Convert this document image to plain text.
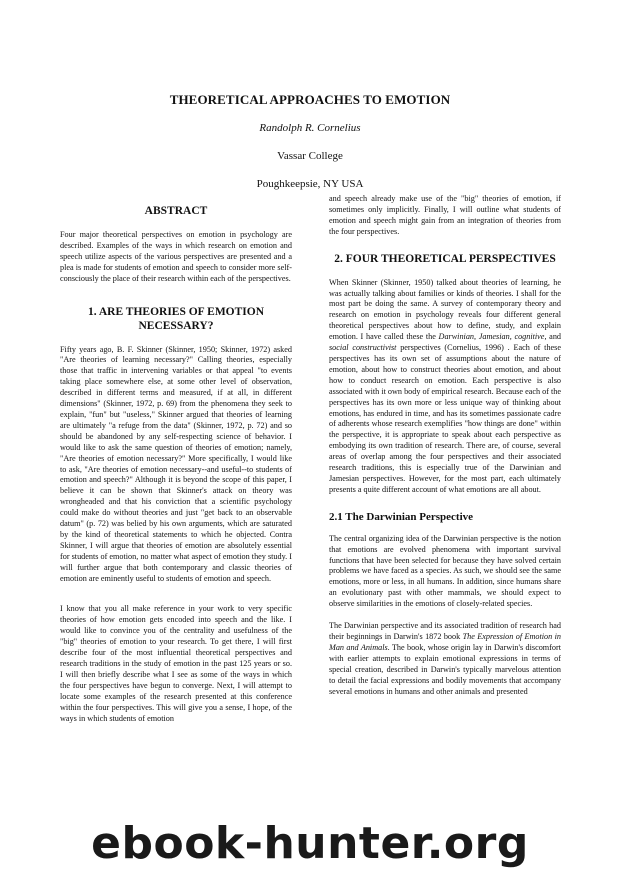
THEORETICAL APPROACHES TO EMOTION
Randolph R. Cornelius
Vassar College
Poughkeepsie, NY USA
ABSTRACT

Four major theoretical perspectives on emotion in psychology are described. Examples of the ways in which research on emotion and speech utilize aspects of the various perspectives are presented and a plea is made for students of emotion and speech to consider more self-consciously the place of their research within each of the perspectives.

1. ARE THEORIES OF EMOTION NECESSARY?

Fifty years ago, B. F. Skinner (Skinner, 1950; Skinner, 1972) asked "Are theories of learning necessary?" Calling theories, especially those that traffic in intervening variables or that appeal "to events taking place somewhere else, at some other level of observation, described in different terms and measured, if at all, in different dimensions" (Skinner, 1972, p. 69) from the phenomena they seek to explain, "fun" but "useless," Skinner argued that theories of learning are ultimately "a refuge from the data" (Skinner, 1972, p. 72) and so should be abandoned by any self-respecting science of behavior. I would like to ask the same question of theories of emotion; namely, "Are theories of emotion necessary?" More specifically, I would like to ask, "Are theories of emotion necessary--and useful--to students of emotion and speech?" Although it is beyond the scope of this paper, I believe it can be shown that Skinner's attack on theory was wrongheaded and that his conviction that a scientific psychology could make do without theories and just "get back to an observable datum" (p. 72) was belied by his own arguments, which are saturated by the kind of theoretical statements to which he objected. Contra Skinner, I will argue that theories of emotion are absolutely essential for students of emotion, no matter what aspect of emotion they study. I will further argue that both contemporary and classic theories of emotion are eminently useful to students of emotion and speech.

I know that you all make reference in your work to very specific theories of how emotion gets encoded into speech and the like. I would like to convince you of the centrality and usefulness of the "big" theories of emotion to your research. To get there, I will first describe four of the most influential theoretical perspectives and research traditions in the study of emotion in the past 125 years or so. I will then briefly describe what I see as some of the ways in which the four perspectives have begun to converge. Next, I will attempt to locate some examples of the research presented at this conference within the four perspectives. This will give you a sense, I hope, of the ways in which students of emotion

and speech already make use of the "big" theories of emotion, if sometimes only implicitly. Finally, I will outline what students of emotion and speech might gain from an integration of theories from the four perspectives.

2. FOUR THEORETICAL PERSPECTIVES

When Skinner (Skinner, 1950) talked about theories of learning, he was actually talking about families or kinds of theories. I shall for the most part be doing the same. A survey of contemporary theory and research on emotion in psychology reveals four different general theoretical perspectives about how to define, study, and explain emotion. I have called these the Darwinian, Jamesian, cognitive, and social constructivist perspectives (Cornelius, 1996) . Each of these perspectives has its own set of assumptions about the nature of emotion, about how to construct theories about emotion, and about how to conduct research on emotion. Each perspective is also associated with it own body of empirical research. Because each of the perspectives has its own more or less unique way of thinking about emotions, has endured in time, and has its sometimes passionate cadre of adherents whose research exemplifies "how things are done" within the perspective, it is appropriate to speak about each perspective as embodying its own tradition of research. There are, of course, several areas of overlap among the four perspectives and their associated research traditions, this is especially true of the Darwinian and Jamesian perspectives. However, for the most part, each ultimately presents a quite different account of what emotions are all about.

2.1 The Darwinian Perspective

The central organizing idea of the Darwinian perspective is the notion that emotions are evolved phenomena with important survival functions that have been selected for because they have solved certain problems we have faced as a species. As such, we should see the same emotions, more or less, in all humans. In addition, since humans share an evolutionary past with other mammals, we should expect to observe similarities in the emotions of closely-related species.

The Darwinian perspective and its associated tradition of research had their beginnings in Darwin's 1872 book The Expression of Emotion in Man and Animals. The book, whose origin lay in Darwin's discomfort with earlier attempts to explain emotional expressions in terms of special creation, described in Darwin's typically marvelous attention to detail the facial expressions and bodily movements that accompany several emotions in humans and other animals and presented

ebook-hunter.org
